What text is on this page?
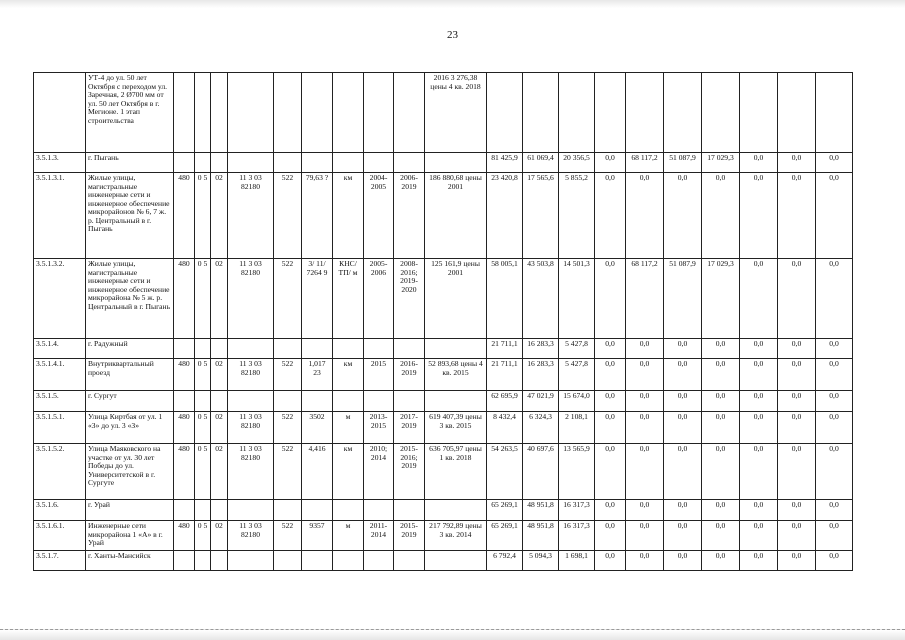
23
	УТ-4 до ул. 50 лет Октября с переходом ул. Заречная, 2 Ø700 мм от ул. 50 лет Октября в г. Мегионе. 1 этап строительства										2016 3 276,38 цены 4 кв. 2018										
3.5.1.3.	г. Пыгань											81 425,9	61 069,4	20 356,5	0,0	68 117,2	51 087,9	17 029,3	0,0	0,0	0,0
3.5.1.3.1.	Жилые улицы, магистральные инженерные сети и инженерное обеспечение микрорайонов № 6, 7 ж. р. Центральный в г. Пыгань	480	0 5	02	11 3 03 82180	522	79,63 ?	км	2004-2005	2006-2019	186 880,68 цены 2001	23 420,8	17 565,6	5 855,2	0,0	0,0	0,0	0,0	0,0	0,0	0,0
3.5.1.3.2.	Жилые улицы, магистральные инженерные сети и инженерное обеспечение микрорайона № 5 ж. р. Центральный в г. Пыгань	480	0 5	02	11 3 03 82180	522	3/ 11/ 7264 9	КНС/ ТП/ м	2005-2006	2008-2016; 2019-2020	125 161,9 цены 2001	58 005,1	43 503,8	14 501,3	0,0	68 117,2	51 087,9	17 029,3	0,0	0,0	0,0
3.5.1.4.	г. Радужный											21 711,1	16 283,3	5 427,8	0,0	0,0	0,0	0,0	0,0	0,0	0,0
3.5.1.4.1.	Внутриквартальный проезд	480	0 5	02	11 3 03 82180	522	1,017 23	км	2015	2016-2019	52 893,68 цены 4 кв. 2015	21 711,1	16 283,3	5 427,8	0,0	0,0	0,0	0,0	0,0	0,0	0,0
3.5.1.5.	г. Сургут											62 695,9	47 021,9	15 674,0	0,0	0,0	0,0	0,0	0,0	0,0	0,0
3.5.1.5.1.	Улица Киртбая от ул. 1 «З» до ул. 3 «З»	480	0 5	02	11 3 03 82180	522	3502	м	2013-2015	2017-2019	619 407,39 цены 3 кв. 2015	8 432,4	6 324,3	2 108,1	0,0	0,0	0,0	0,0	0,0	0,0	0,0
3.5.1.5.2.	Улица Маяковского на участке от ул. 30 лет Победы до ул. Университетской в г. Сургуте	480	0 5	02	11 3 03 82180	522	4,416	км	2010; 2014	2015-2016; 2019	636 705,97 цены 1 кв. 2018	54 263,5	40 697,6	13 565,9	0,0	0,0	0,0	0,0	0,0	0,0	0,0
3.5.1.6.	г. Урай											65 269,1	48 951,8	16 317,3	0,0	0,0	0,0	0,0	0,0	0,0	0,0
3.5.1.6.1.	Инженерные сети микрорайона 1 «А» в г. Урай	480	0 5	02	11 3 03 82180	522	9357	м	2011-2014	2015-2019	217 792,89 цены 3 кв. 2014	65 269,1	48 951,8	16 317,3	0,0	0,0	0,0	0,0	0,0	0,0	0,0
3.5.1.7.	г. Ханты-Мансийск											6 792,4	5 094,3	1 698,1	0,0	0,0	0,0	0,0	0,0	0,0	0,0
